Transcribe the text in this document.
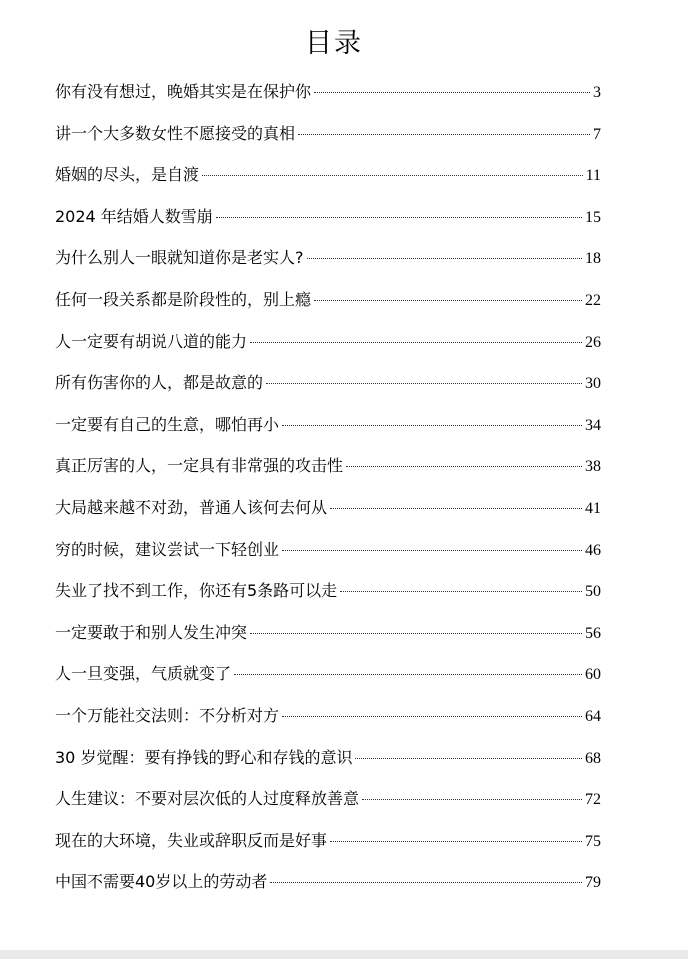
目录
你有没有想过，晚婚其实是在保护你	3
讲一个大多数女性不愿接受的真相	7
婚姻的尽头，是自渡	11
2024 年结婚人数雪崩	15
为什么别人一眼就知道你是老实人?	18
任何一段关系都是阶段性的，别上瘾	22
人一定要有胡说八道的能力	26
所有伤害你的人，都是故意的	30
一定要有自己的生意，哪怕再小	34
真正厉害的人，一定具有非常强的攻击性	38
大局越来越不对劲，普通人该何去何从	41
穷的时候，建议尝试一下轻创业	46
失业了找不到工作，你还有5条路可以走	50
一定要敢于和别人发生冲突	56
人一旦变强，气质就变了	60
一个万能社交法则：不分析对方	64
30 岁觉醒：要有挣钱的野心和存钱的意识	68
人生建议：不要对层次低的人过度释放善意	72
现在的大环境，失业或辞职反而是好事	75
中国不需要40岁以上的劳动者	79
